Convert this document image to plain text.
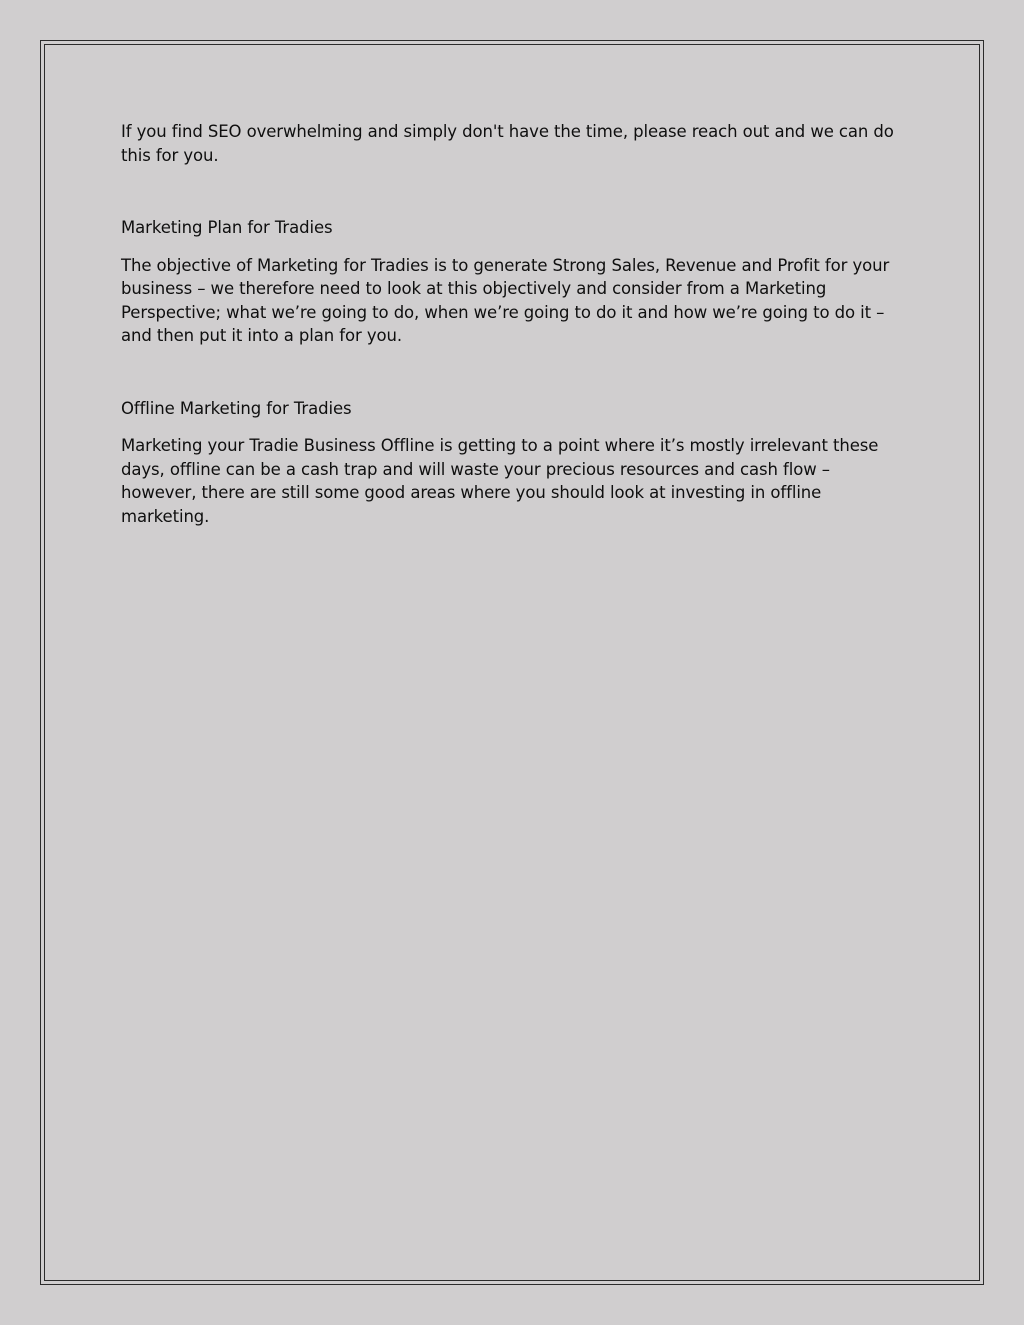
If you find SEO overwhelming and simply don't have the time, please reach out and we can do this for you.

Marketing Plan for Tradies

The objective of Marketing for Tradies is to generate Strong Sales, Revenue and Profit for your business – we therefore need to look at this objectively and consider from a Marketing Perspective; what we’re going to do, when we’re going to do it and how we’re going to do it – and then put it into a plan for you.

Offline Marketing for Tradies

Marketing your Tradie Business Offline is getting to a point where it’s mostly irrelevant these days, offline can be a cash trap and will waste your precious resources and cash flow – however, there are still some good areas where you should look at investing in offline marketing.
